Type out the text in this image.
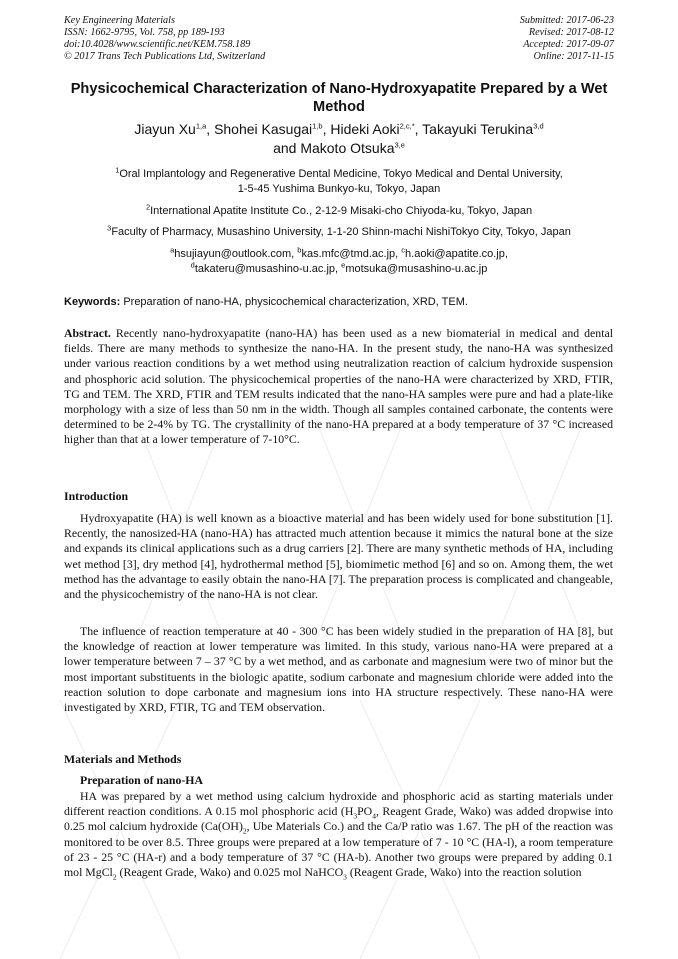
Key Engineering Materials
ISSN: 1662-9795, Vol. 758, pp 189-193
doi:10.4028/www.scientific.net/KEM.758.189
© 2017 Trans Tech Publications Ltd, Switzerland
Submitted: 2017-06-23
Revised: 2017-08-12
Accepted: 2017-09-07
Online: 2017-11-15
Physicochemical Characterization of Nano-Hydroxyapatite Prepared by a Wet Method
Jiayun Xu$^{1,a}$, Shohei Kasugai$^{1,b}$, Hideki Aoki$^{2,c,*}$, Takayuki Terukina$^{3,d}$
and Makoto Otsuka$^{3,e}$
$^1$Oral Implantology and Regenerative Dental Medicine, Tokyo Medical and Dental University,
1-5-45 Yushima Bunkyo-ku, Tokyo, Japan
$^2$International Apatite Institute Co., 2-12-9 Misaki-cho Chiyoda-ku, Tokyo, Japan
$^3$Faculty of Pharmacy, Musashino University, 1-1-20 Shinn-machi NishiTokyo City, Tokyo, Japan
$^a$hsujiayun@outlook.com, $^b$kas.mfc@tmd.ac.jp, $^c$h.aoki@apatite.co.jp,
$^d$takateru@musashino-u.ac.jp, $^e$motsuka@musashino-u.ac.jp
Keywords: Preparation of nano-HA, physicochemical characterization, XRD, TEM.
Abstract. Recently nano-hydroxyapatite (nano-HA) has been used as a new biomaterial in medical and dental fields. There are many methods to synthesize the nano-HA. In the present study, the nano-HA was synthesized under various reaction conditions by a wet method using neutralization reaction of calcium hydroxide suspension and phosphoric acid solution. The physicochemical properties of the nano-HA were characterized by XRD, FTIR, TG and TEM. The XRD, FTIR and TEM results indicated that the nano-HA samples were pure and had a plate-like morphology with a size of less than 50 nm in the width. Though all samples contained carbonate, the contents were determined to be 2-4% by TG. The crystallinity of the nano-HA prepared at a body temperature of 37 °C increased higher than that at a lower temperature of 7-10°C.
Introduction
Hydroxyapatite (HA) is well known as a bioactive material and has been widely used for bone substitution [1]. Recently, the nanosized-HA (nano-HA) has attracted much attention because it mimics the natural bone at the size and expands its clinical applications such as a drug carriers [2]. There are many synthetic methods of HA, including wet method [3], dry method [4], hydrothermal method [5], biomimetic method [6] and so on. Among them, the wet method has the advantage to easily obtain the nano-HA [7]. The preparation process is complicated and changeable, and the physicochemistry of the nano-HA is not clear.
The influence of reaction temperature at 40 - 300 °C has been widely studied in the preparation of HA [8], but the knowledge of reaction at lower temperature was limited. In this study, various nano-HA were prepared at a lower temperature between 7 – 37 °C by a wet method, and as carbonate and magnesium were two of minor but the most important substituents in the biologic apatite, sodium carbonate and magnesium chloride were added into the reaction solution to dope carbonate and magnesium ions into HA structure respectively. These nano-HA were investigated by XRD, FTIR, TG and TEM observation.
Materials and Methods
Preparation of nano-HA
HA was prepared by a wet method using calcium hydroxide and phosphoric acid as starting materials under different reaction conditions. A 0.15 mol phosphoric acid ($H_3PO_4$, Reagent Grade, Wako) was added dropwise into 0.25 mol calcium hydroxide ($Ca(OH)_2$, Ube Materials Co.) and the Ca/P ratio was 1.67. The pH of the reaction was monitored to be over 8.5. Three groups were prepared at a low temperature of 7 - 10 °C (HA-l), a room temperature of 23 - 25 °C (HA-r) and a body temperature of 37 °C (HA-b). Another two groups were prepared by adding 0.1 mol MgCl$_2$ (Reagent Grade, Wako) and 0.025 mol NaHCO$_3$ (Reagent Grade, Wako) into the reaction solution
